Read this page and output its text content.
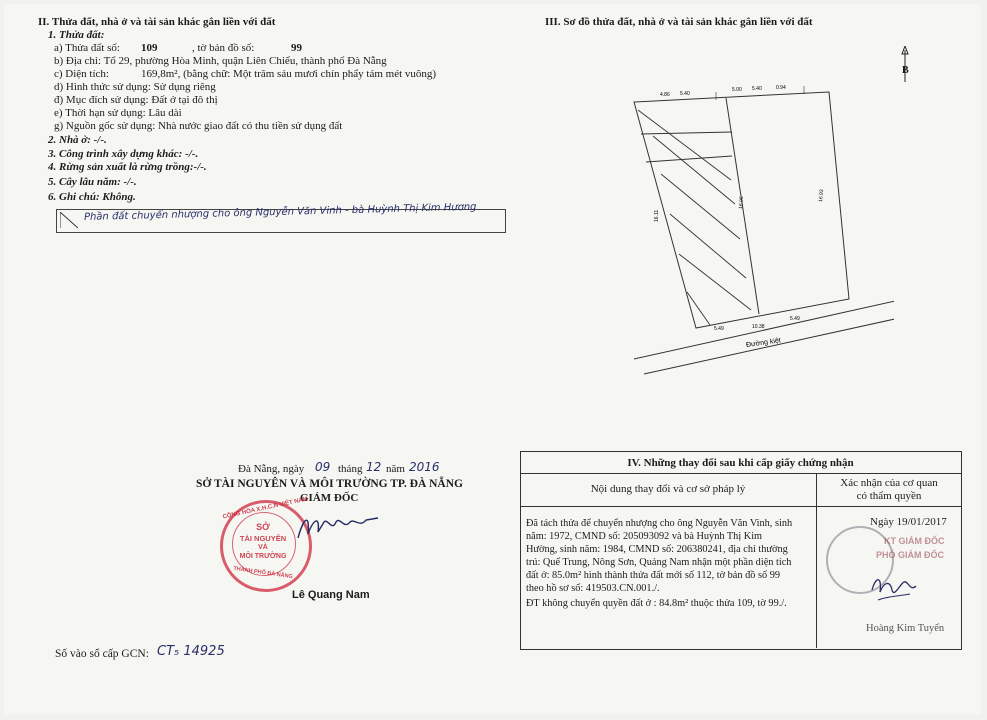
II. Thửa đất, nhà ở và tài sản khác gắn liền với đất
1. Thửa đất:
a) Thửa đất số: 109	, tờ bản đồ số:	99
b) Địa chỉ: Tổ 29, phường Hòa Minh, quận Liên Chiểu, thành phố Đà Nẵng
c) Diện tích:	169,8m², (bằng chữ: Một trăm sáu mươi chín phẩy tám mét vuông)
d) Hình thức sử dụng: Sử dụng riêng
đ) Mục đích sử dụng: Đất ở tại đô thị
e) Thời hạn sử dụng: Lâu dài
g) Nguồn gốc sử dụng: Nhà nước giao đất có thu tiền sử dụng đất
2. Nhà ở: -/-.
3. Công trình xây dựng khác: -/-.
4. Rừng sản xuất là rừng trồng:-/-.
5. Cây lâu năm: -/-.
6. Ghi chú: Không.
Phần đất chuyển nhượng cho ông Nguyễn Văn Vinh - bà Huỳnh Thị Kim Hương
III. Sơ đồ thửa đất, nhà ở và tài sản khác gắn liền với đất
B
4.86 5.40
5.00 5.40	0.94
16.11
16.05
16.93
5.49	10.38
5.49
Đường kiệt
Đà Nẵng, ngày 09 tháng 12 năm 2016
SỞ TÀI NGUYÊN VÀ MÔI TRƯỜNG TP. ĐÀ NẴNG
GIÁM ĐỐC
CỘNG HÒA X.H.C.N VIỆT NAM
SỞ
TÀI NGUYÊN
VÀ
MÔI TRƯỜNG
THÀNH PHỐ ĐÀ NẴNG
Lê Quang Nam
Số vào sổ cấp GCN: CT₅ 14925
IV. Những thay đổi sau khi cấp giấy chứng nhận
Nội dung thay đổi và cơ sở pháp lý	Xác nhận của cơ quan
có thẩm quyền
Đã tách thửa để chuyển nhượng cho ông Nguyễn Văn Vinh, sinh
năm: 1972, CMND số: 205093092 và bà Huỳnh Thị Kim
Hường, sinh năm: 1984, CMND số: 206380241, địa chỉ thường
trú: Quế Trung, Nông Sơn, Quảng Nam nhận một phần diện tích
đất ở: 85.0m² hình thành thửa đất mới số 112, tờ bản đồ số 99
theo hồ sơ số: 419503.CN.001./.
ĐT không chuyển quyền đất ở : 84.8m² thuộc thửa 109, tờ 99./.
Ngày 19/01/2017
KT GIÁM ĐỐC
PHÓ GIÁM ĐỐC
Hoàng Kim Tuyến
